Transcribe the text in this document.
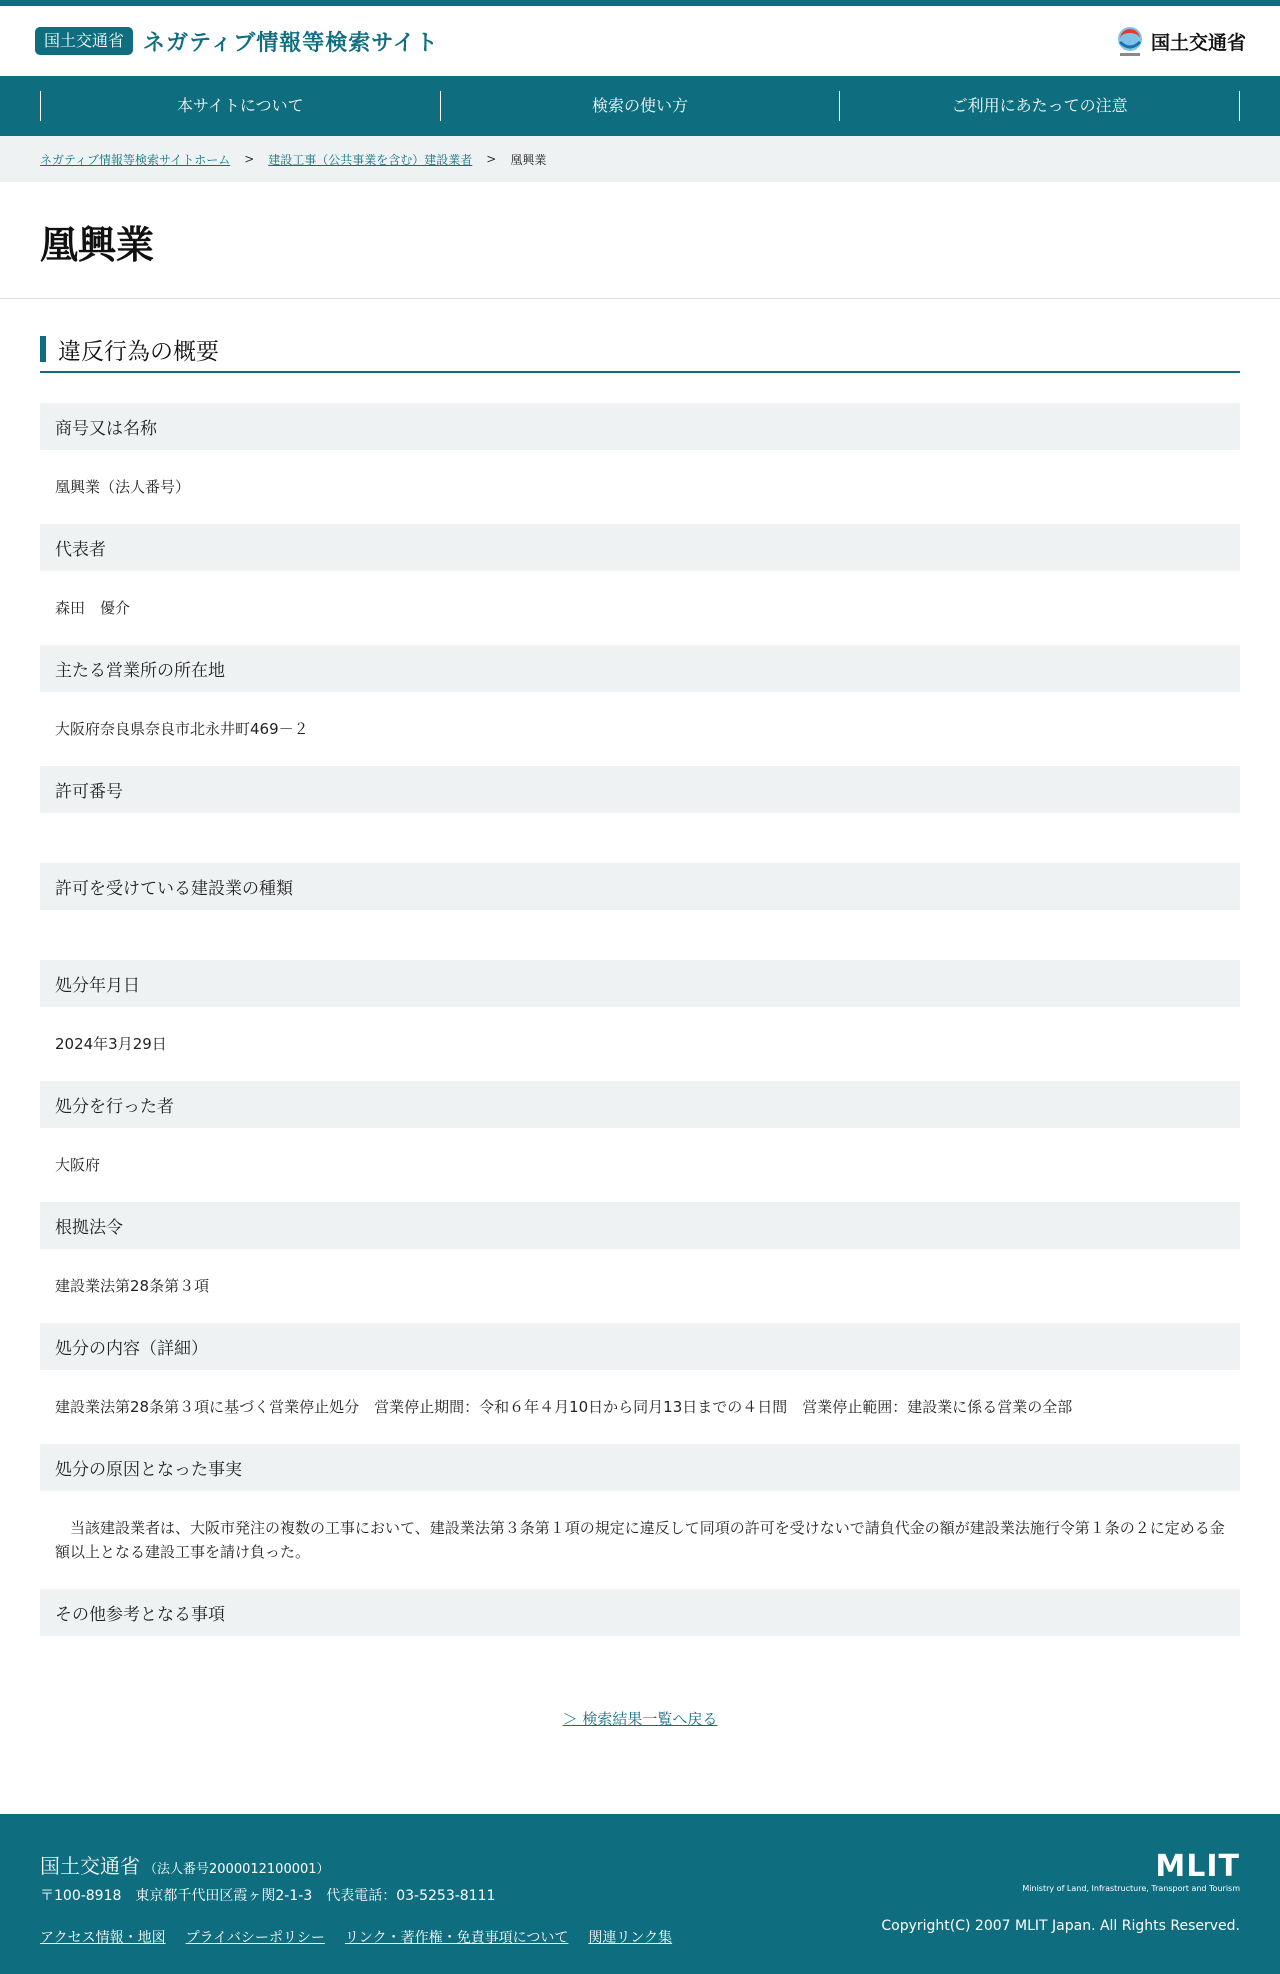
国土交通省 ネガティブ情報等検索サイト	国土交通省
本サイトについて	検索の使い方	ご利用にあたっての注意
ネガティブ情報等検索サイトホーム > 建設工事（公共事業を含む）建設業者 > 凰興業
凰興業
違反行為の概要
商号又は名称
凰興業（法人番号）
代表者
森田　優介
主たる営業所の所在地
大阪府奈良県奈良市北永井町469－２
許可番号
許可を受けている建設業の種類
処分年月日
2024年3月29日
処分を行った者
大阪府
根拠法令
建設業法第28条第３項
処分の内容（詳細）
建設業法第28条第３項に基づく営業停止処分　営業停止期間：令和６年４月10日から同月13日までの４日間　営業停止範囲：建設業に係る営業の全部
処分の原因となった事実
当該建設業者は、大阪市発注の複数の工事において、建設業法第３条第１項の規定に違反して同項の許可を受けないで請負代金の額が建設業法施行令第１条の２に定める金額以上となる建設工事を請け負った。
その他参考となる事項
＞ 検索結果一覧へ戻る
国土交通省 （法人番号2000012100001）
〒100-8918　東京都千代田区霞ヶ関2-1-3　代表電話：03-5253-8111
アクセス情報・地図 プライバシーポリシー リンク・著作権・免責事項について 関連リンク集
MLIT
Ministry of Land, Infrastructure, Transport and Tourism
Copyright(C) 2007 MLIT Japan. All Rights Reserved.
